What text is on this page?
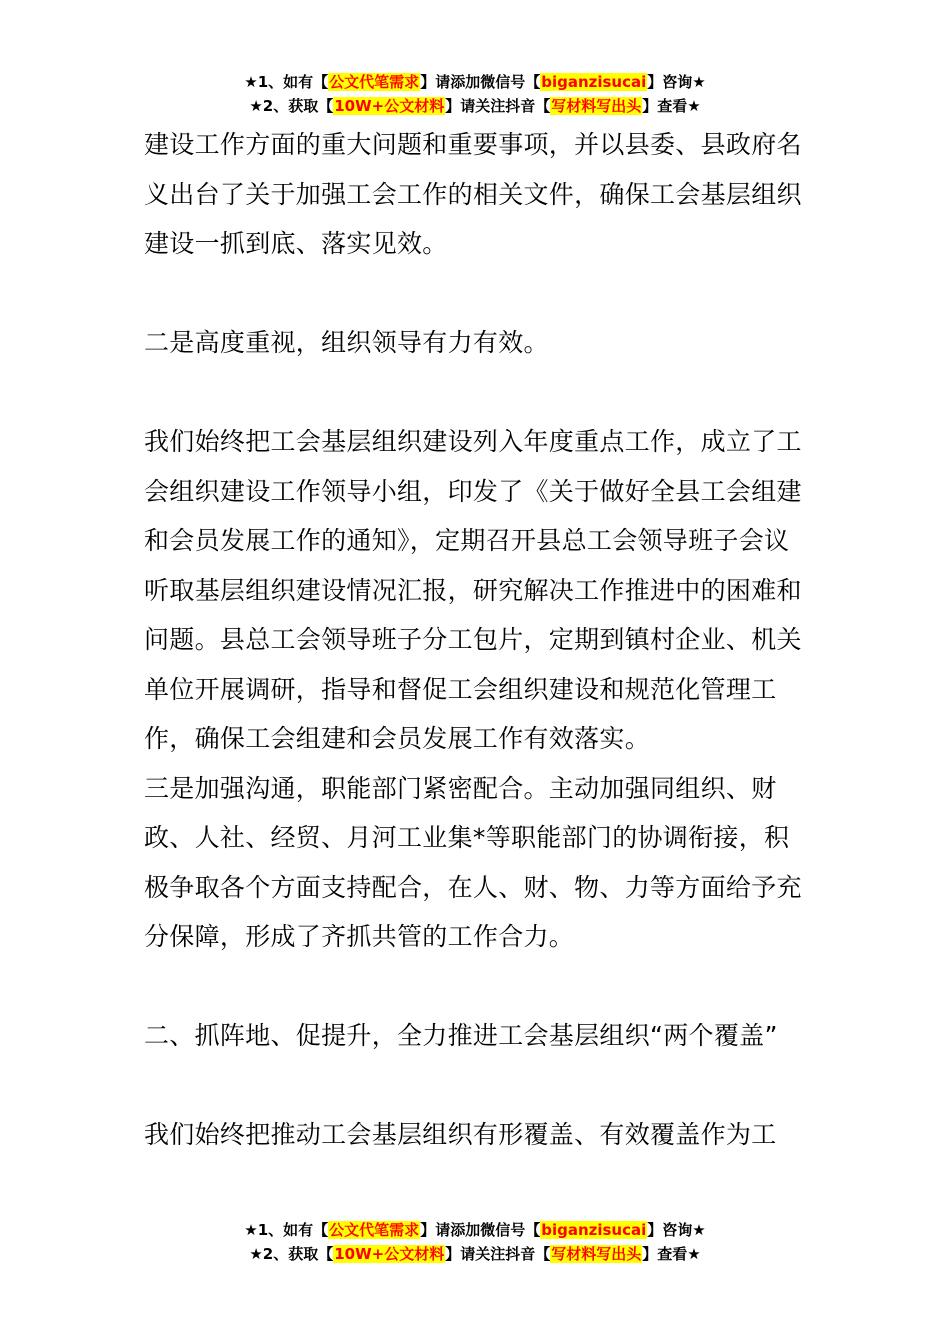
★1、如有【公文代笔需求】请添加微信号【biganzisucai】咨询★
★2、获取【10W+公文材料】请关注抖音【写材料写出头】查看★

建设工作方面的重大问题和重要事项，并以县委、县政府名义出台了关于加强工会工作的相关文件，确保工会基层组织建设一抓到底、落实见效。

二是高度重视，组织领导有力有效。

我们始终把工会基层组织建设列入年度重点工作，成立了工会组织建设工作领导小组，印发了《关于做好全县工会组建和会员发展工作的通知》，定期召开县总工会领导班子会议听取基层组织建设情况汇报，研究解决工作推进中的困难和问题。县总工会领导班子分工包片，定期到镇村企业、机关单位开展调研，指导和督促工会组织建设和规范化管理工作，确保工会组建和会员发展工作有效落实。

三是加强沟通，职能部门紧密配合。主动加强同组织、财政、人社、经贸、月河工业集*等职能部门的协调衔接，积极争取各个方面支持配合，在人、财、物、力等方面给予充分保障，形成了齐抓共管的工作合力。

二、抓阵地、促提升，全力推进工会基层组织“两个覆盖”

我们始终把推动工会基层组织有形覆盖、有效覆盖作为工

★1、如有【公文代笔需求】请添加微信号【biganzisucai】咨询★
★2、获取【10W+公文材料】请关注抖音【写材料写出头】查看★
